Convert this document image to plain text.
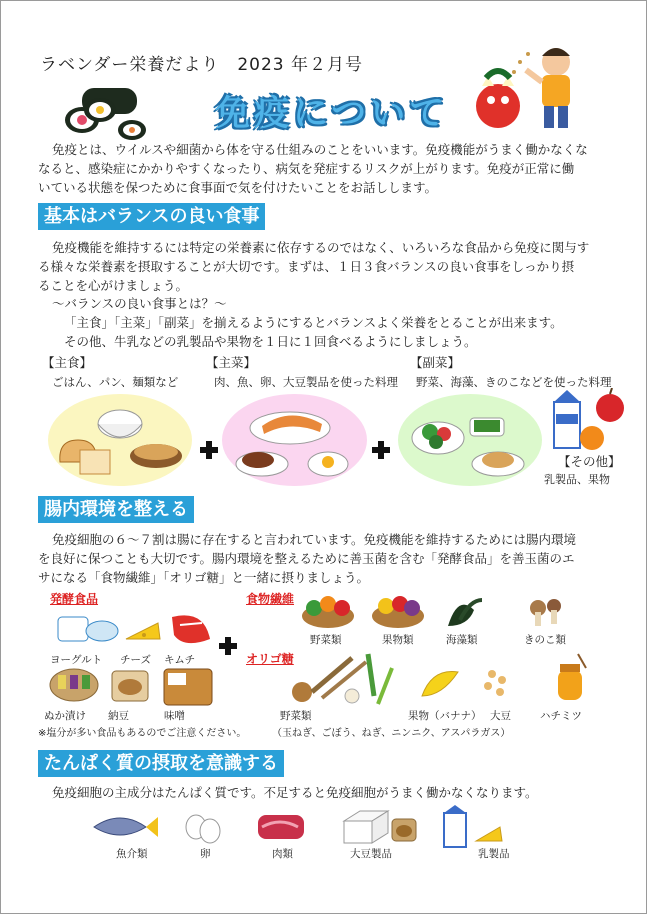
ラベンダー栄養だより　2023 年２月号
免疫について
免疫とは、ウイルスや細菌から体を守る仕組みのことをいいます。免疫機能がうまく働かなくな
なると、感染症にかかりやすくなったり、病気を発症するリスクが上がります。免疫が正常に働
いている状態を保つために食事面で気を付けたいことをお話しします。
基本はバランスの良い食事
免疫機能を維持するには特定の栄養素に依存するのではなく、いろいろな食品から免疫に関与す
る様々な栄養素を摂取することが大切です。まずは、１日３食バランスの良い食事をしっかり摂
ることを心がけましょう。
～バランスの良い食事とは？～
「主食」「主菜」「副菜」を揃えるようにするとバランスよく栄養をとることが出来ます。
その他、牛乳などの乳製品や果物を１日に１回食べるようにしましょう。
【主食】
ごはん、パン、麺類など
【主菜】
肉、魚、卵、大豆製品を使った料理
【副菜】
野菜、海藻、きのこなどを使った料理
【その他】
乳製品、果物
腸内環境を整える
免疫細胞の６～７割は腸に存在すると言われています。免疫機能を維持するためには腸内環境
を良好に保つことも大切です。腸内環境を整えるために善玉菌を含む「発酵食品」を善玉菌のエ
サになる「食物繊維」「オリゴ糖」と一緒に摂りましょう。
発酵食品	食物繊維
オリゴ糖
ヨーグルト チーズ キムチ
ぬか漬け 納豆	味噌
※塩分が多い食品もあるのでご注意ください。
野菜類	果物類	海藻類	きのこ類
野菜類	果物（バナナ） 大豆	ハチミツ
（玉ねぎ、ごぼう、ねぎ、ニンニク、アスパラガス）
たんぱく質の摂取を意識する
免疫細胞の主成分はたんぱく質です。不足すると免疫細胞がうまく働かなくなります。
魚介類	卵	肉類	大豆製品	乳製品
